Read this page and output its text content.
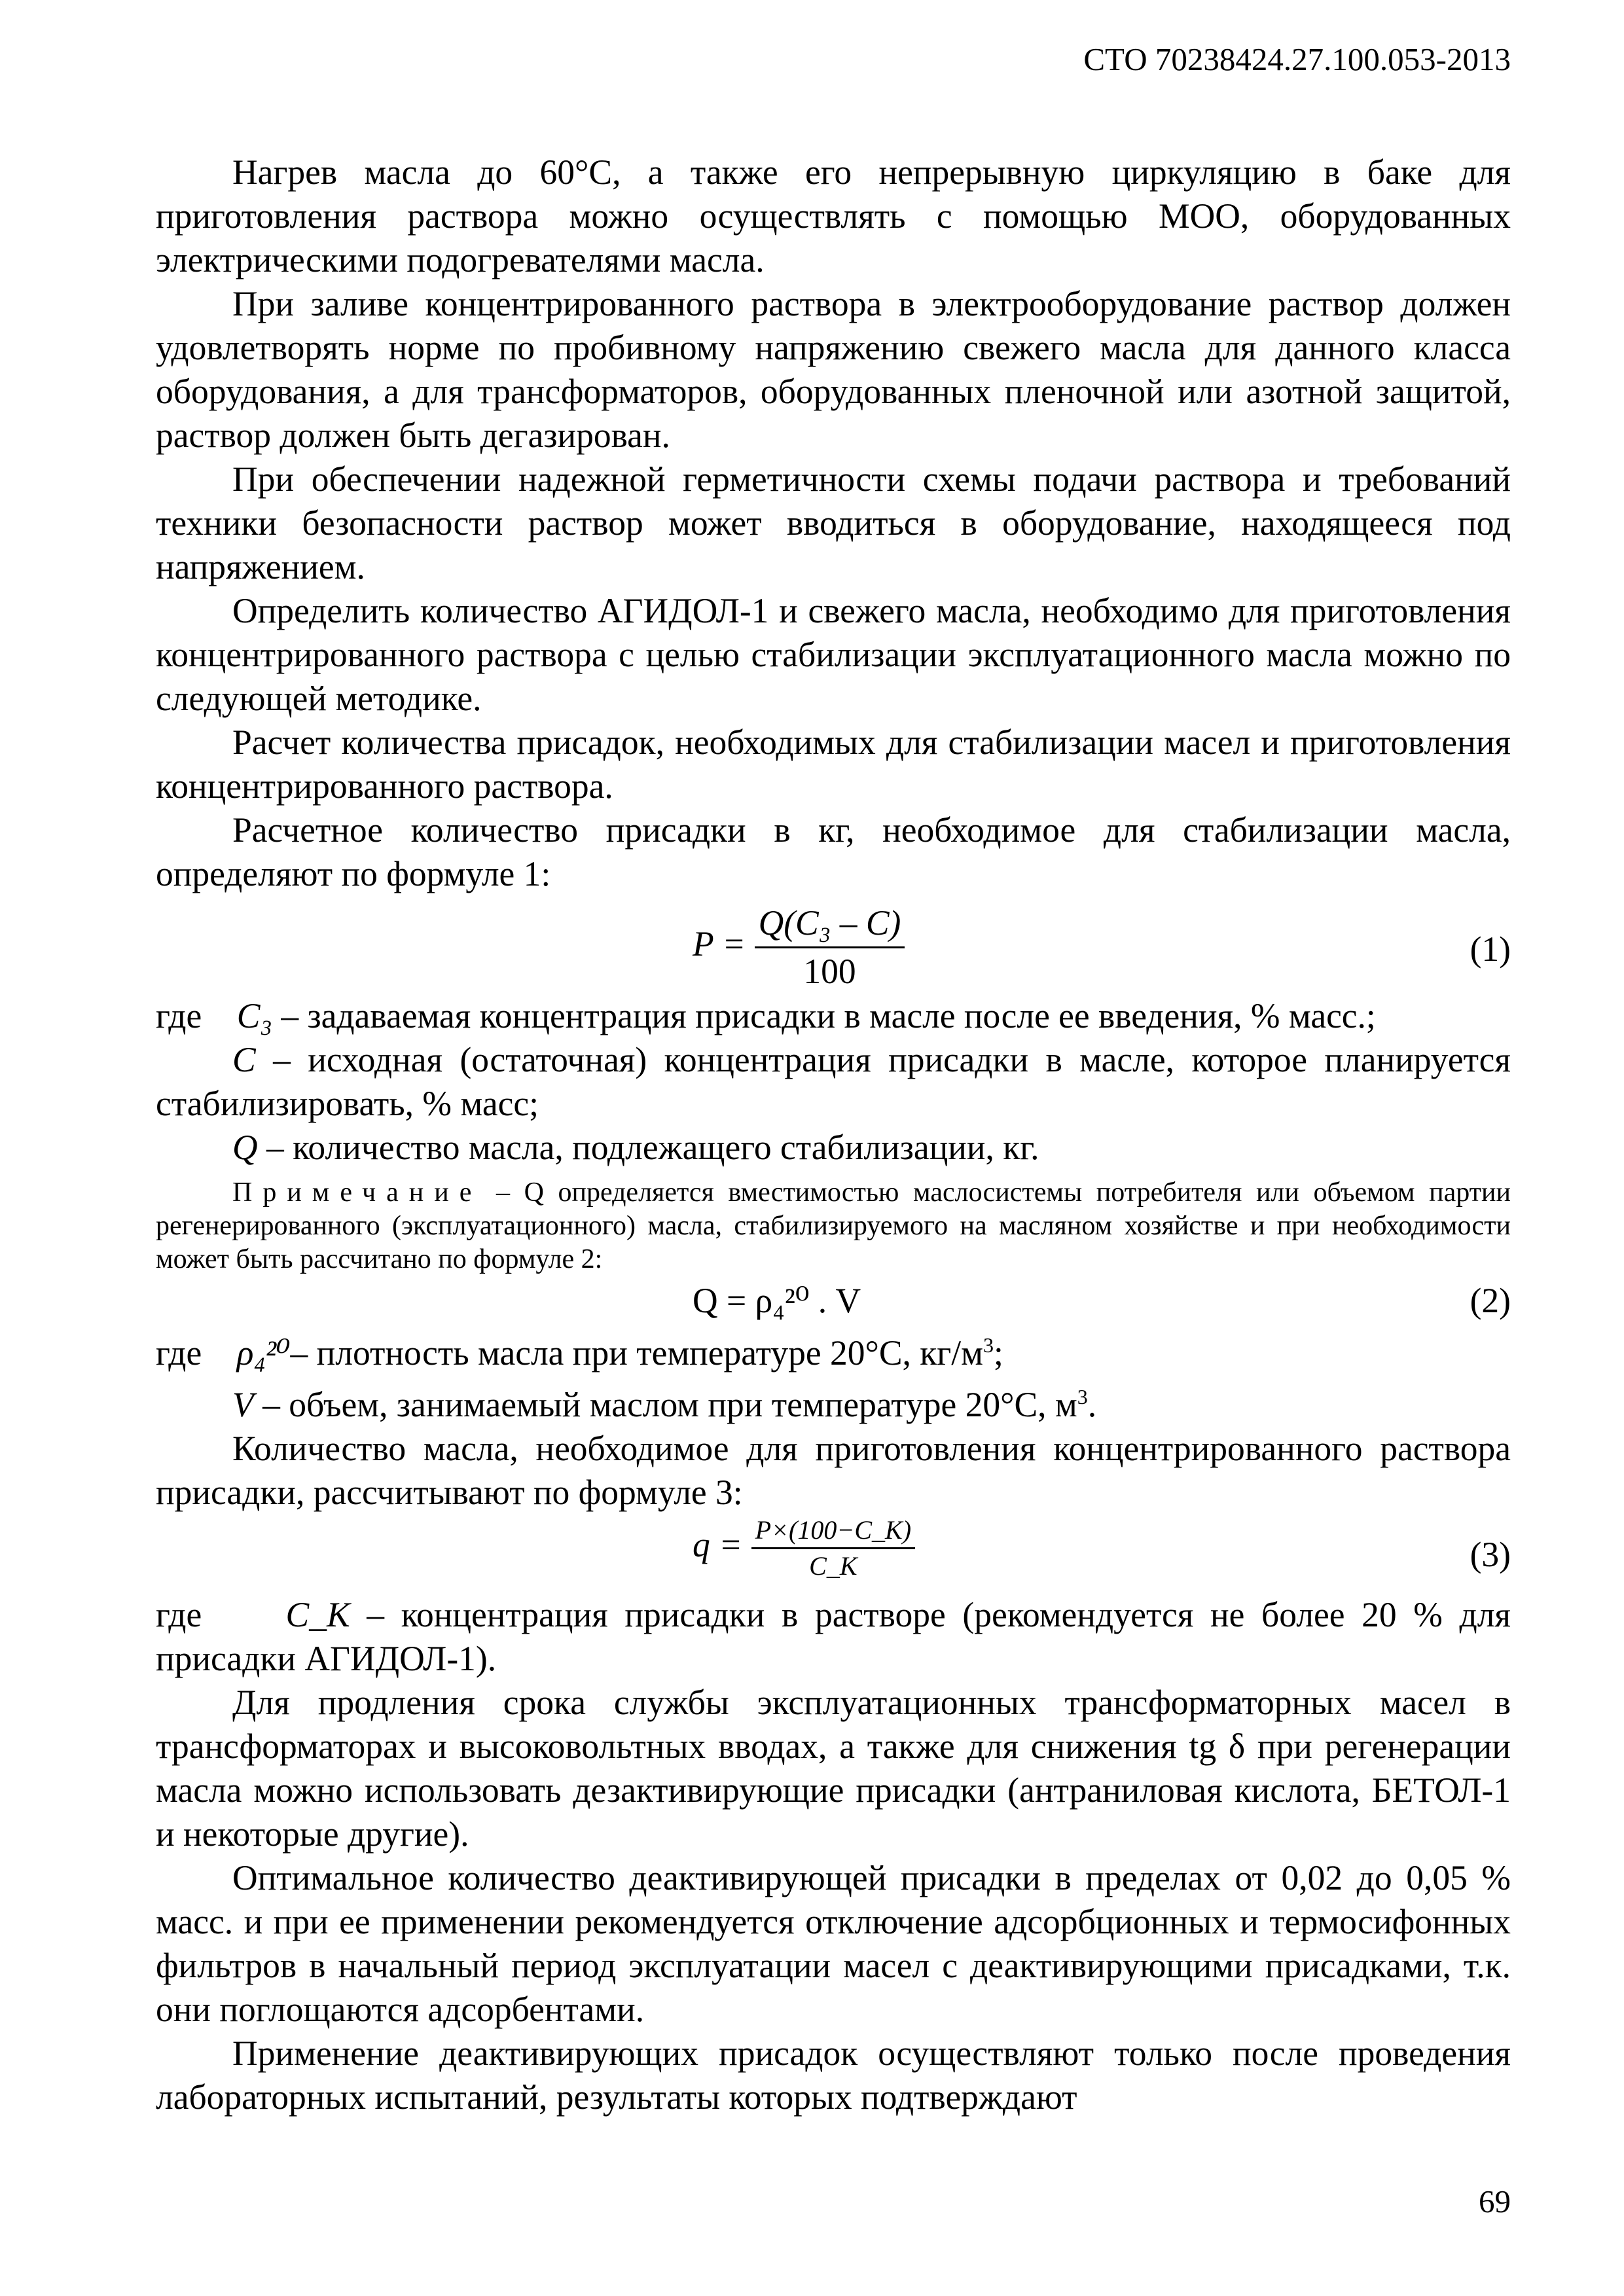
СТО 70238424.27.100.053-2013

Нагрев масла до 60°С, а также его непрерывную циркуляцию в баке для приготовления раствора можно осуществлять с помощью МОО, оборудованных электрическими подогревателями масла.

При заливе концентрированного раствора в электрооборудование раствор должен удовлетворять норме по пробивному напряжению свежего масла для данного класса оборудования, а для трансформаторов, оборудованных пленочной или азотной защитой, раствор должен быть дегазирован.

При обеспечении надежной герметичности схемы подачи раствора и требований техники безопасности раствор может вводиться в оборудование, находящееся под напряжением.

Определить количество АГИДОЛ-1 и свежего масла, необходимо для приготовления концентрированного раствора с целью стабилизации эксплуатационного масла можно по следующей методике.

Расчет количества присадок, необходимых для стабилизации масел и приготовления концентрированного раствора.

Расчетное количество присадки в кг, необходимое для стабилизации масла, определяют по формуле 1:

$P = \frac{\text{Q(C₃ – C)}}{100}$	(1)

где C₃ – задаваемая концентрация присадки в масле после ее введения, % масс.;

C – исходная (остаточная) концентрация присадки в масле, которое планируется стабилизировать, % масс;

Q – количество масла, подлежащего стабилизации, кг.

Примечание – Q определяется вместимостью маслосистемы потребителя или объемом партии регенерированного (эксплуатационного) масла, стабилизируемого на масляном хозяйстве и при необходимости может быть рассчитано по формуле 2:
Q = ρ₄²⁰ . V	(2)

где ρ₄²⁰– плотность масла при температуре 20°С, $кг/м^3$;

V – объем, занимаемый маслом при температуре 20°С, $м^3$.

Количество масла, необходимое для приготовления концентрированного раствора присадки, рассчитывают по формуле 3:

$q = \frac{P\times(100-C\_K)}{C\_K}$	(3)

где C_K – концентрация присадки в растворе (рекомендуется не более 20 % для присадки АГИДОЛ-1).

Для продления срока службы эксплуатационных трансформаторных масел в трансформаторах и высоковольтных вводах, а также для снижения tg δ при регенерации масла можно использовать дезактивирующие присадки (антраниловая кислота, БЕТОЛ-1 и некоторые другие).

Оптимальное количество деактивирующей присадки в пределах от 0,02 до 0,05 % масс. и при ее применении рекомендуется отключение адсорбционных и термосифонных фильтров в начальный период эксплуатации масел с деактивирующими присадками, т.к. они поглощаются адсорбентами.

Применение деактивирующих присадок осуществляют только после проведения лабораторных испытаний, результаты которых подтверждают

69
